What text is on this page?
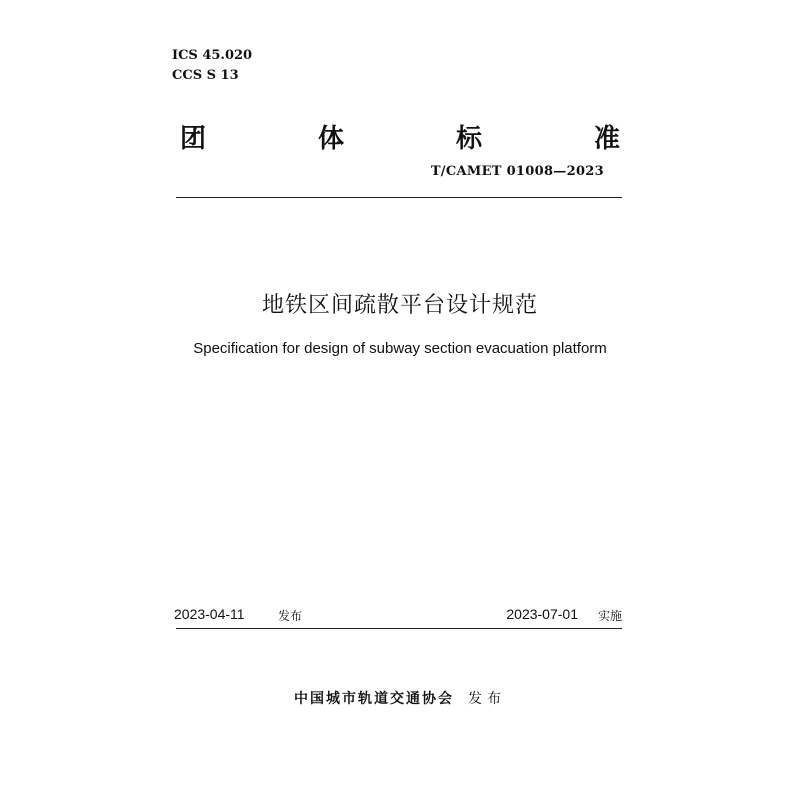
ICS 45.020
CCS S 13
团	体	标	准
T/CAMET 01008—2023
地铁区间疏散平台设计规范
Specification for design of subway section evacuation platform
2023-04-11	发布	2023-07-01 实施
中国城市轨道交通协会 发布
